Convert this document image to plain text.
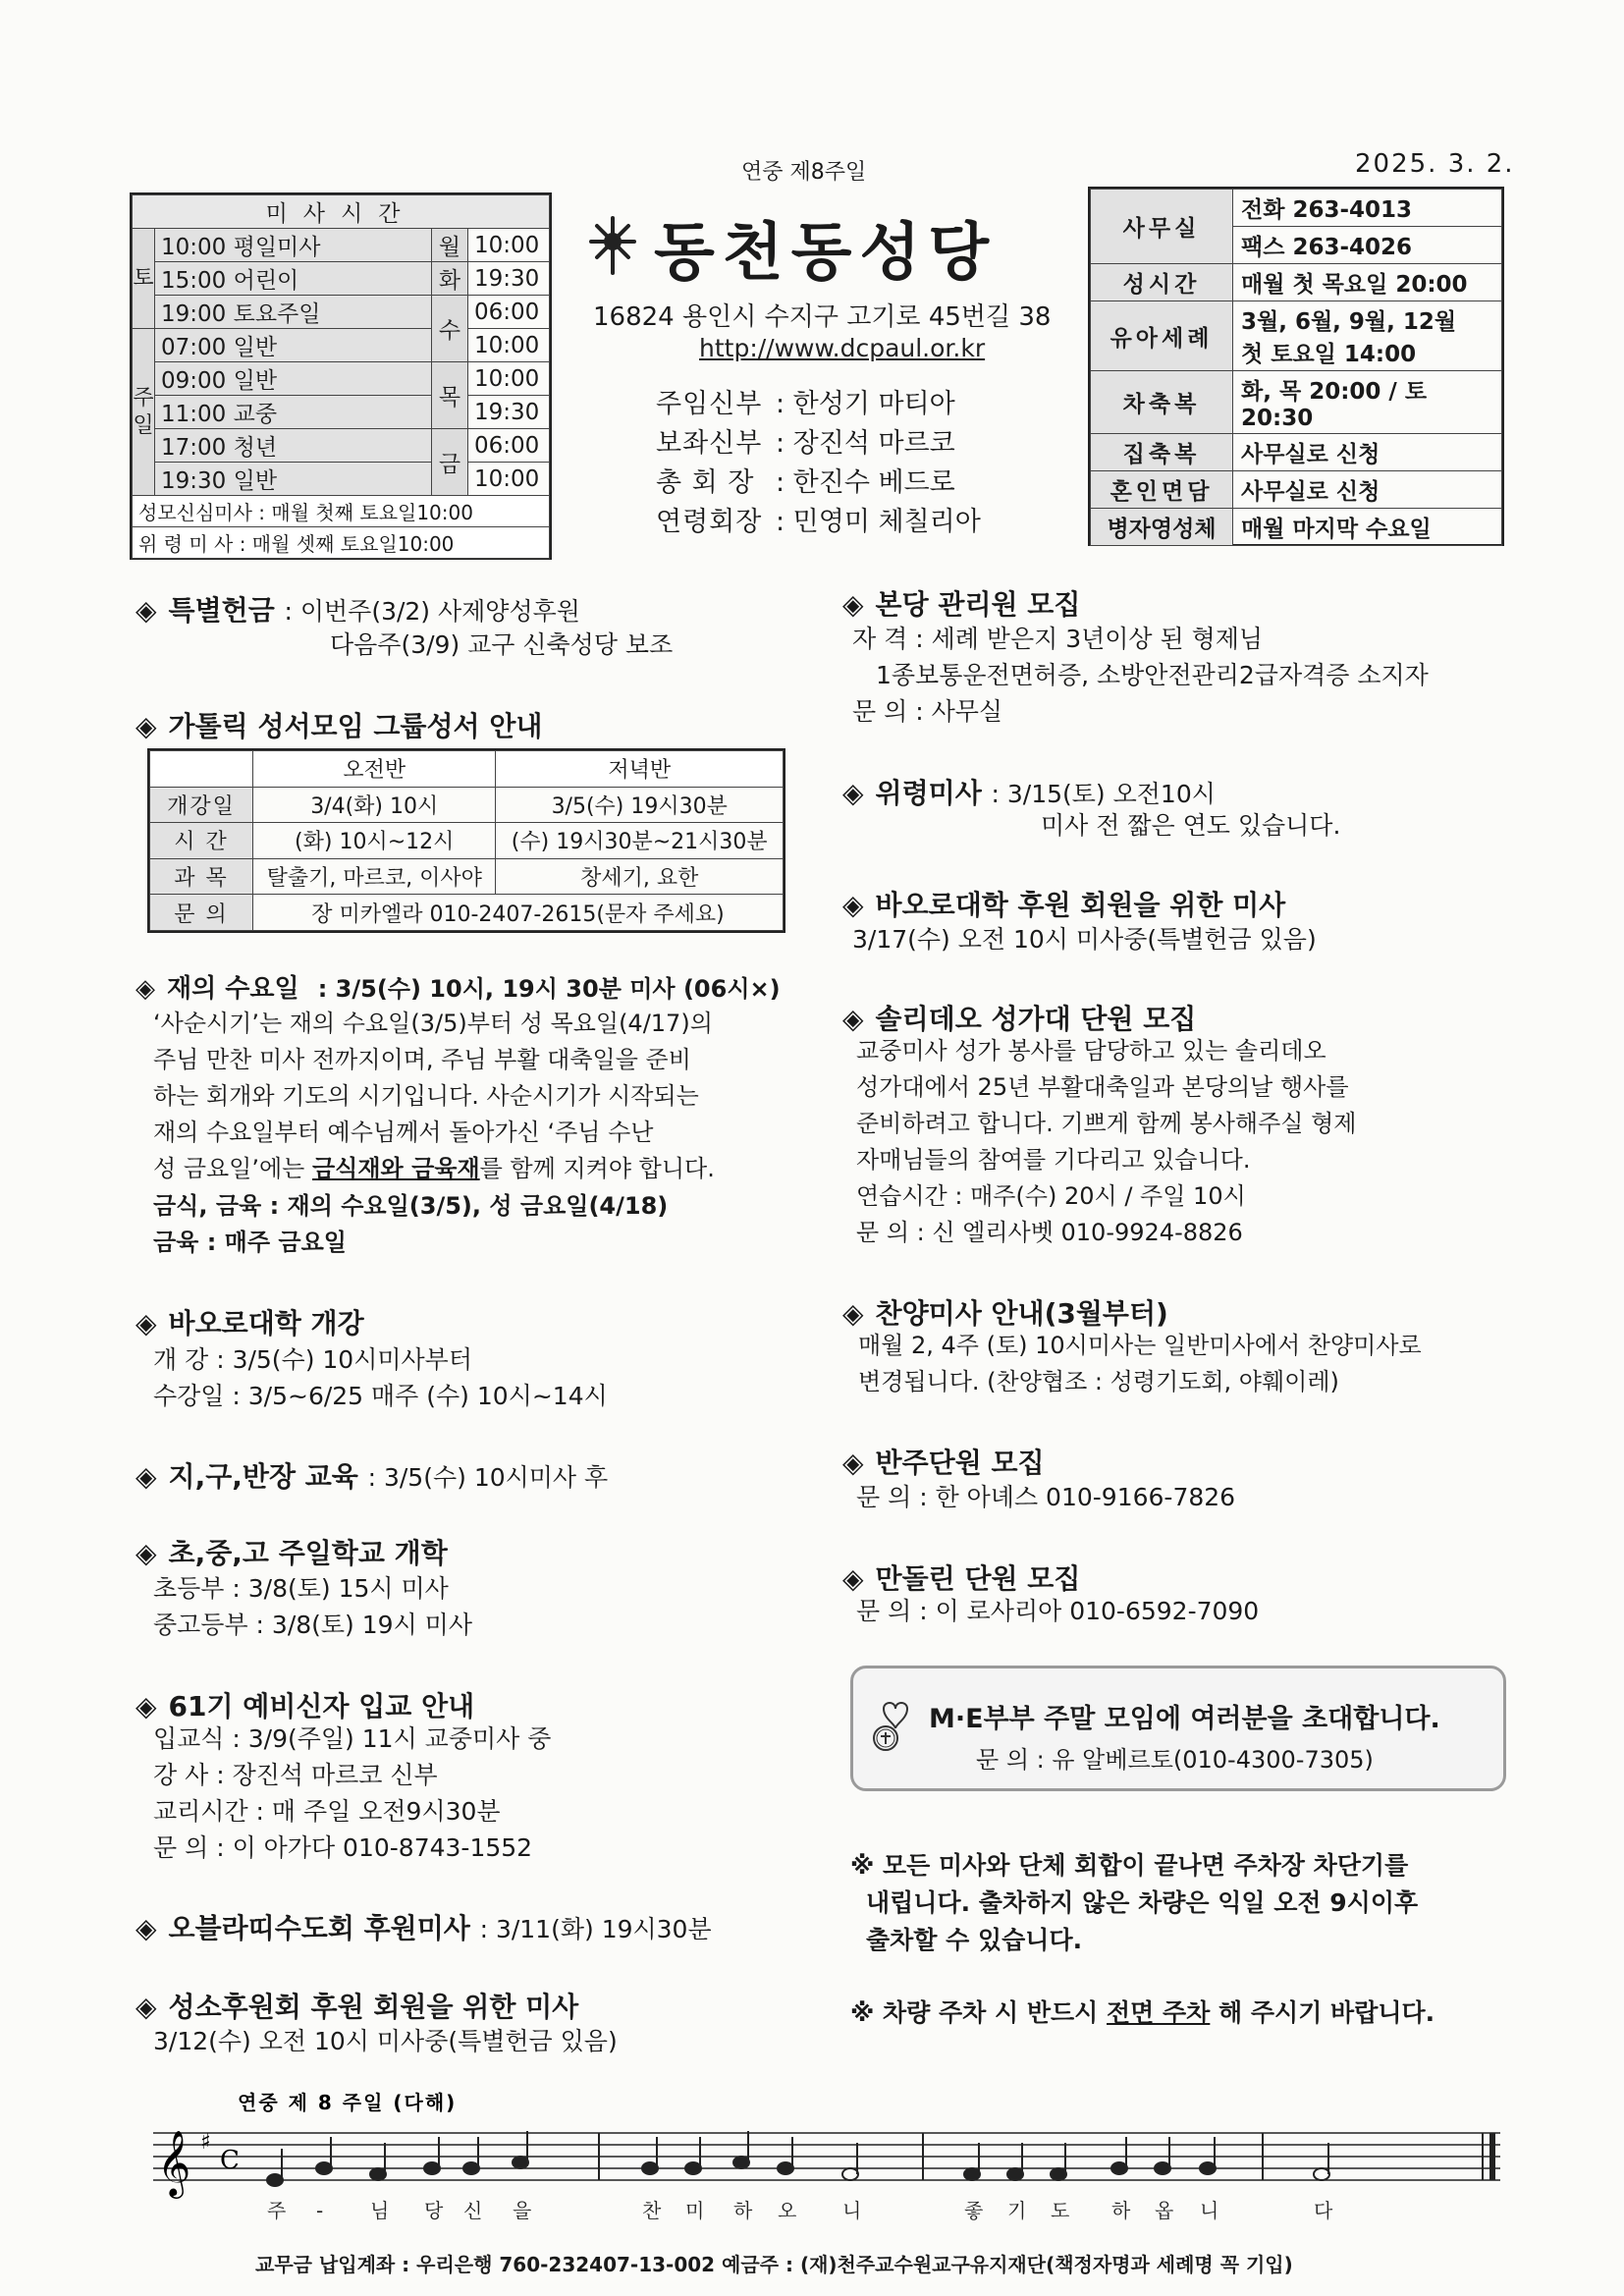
연중 제8주일	2025. 3. 2.
미사시간			
토	10:00 평일미사	월	10:00
	15:00 어린이	화	19:30
	19:00 토요주일	수	06:00
주일	07:00 일반		10:00
	09:00 일반	목	10:00
	11:00 교중		19:30
	17:00 청년	금	06:00
	19:30 일반		10:00
성모신심미사 : 매월 첫째 토요일10:00			
위 령 미 사 : 매월 셋째 토요일10:00			
동천동성당
16824 용인시 수지구 고기로 45번길 38
http://www.dcpaul.or.kr
주임신부 : 한성기 마티아
보좌신부 : 장진석 마르코
총 회 장 : 한진수 베드로
연령회장 : 민영미 체칠리아
사무실	전화 263-4013
	팩스 263-4026
성시간	매월 첫 목요일 20:00
유아세례	3월, 6월, 9월, 12월
첫 토요일 14:00

차축복	화, 목 20:00 / 토 20:30
집축복	사무실로 신청
혼인면담	사무실로 신청
병자영성체	매월 마지막 수요일
◈ 특별헌금 : 이번주(3/2) 사제양성후원
다음주(3/9) 교구 신축성당 보조
◈ 가톨릭 성서모임 그룹성서 안내
	오전반	저녁반
개강일	3/4(화) 10시	3/5(수) 19시30분
시 간	(화) 10시~12시	(수) 19시30분~21시30분
과 목	탈출기, 마르코, 이사야	창세기, 요한
문 의	장 미카엘라 010-2407-2615(문자 주세요)	
◈ 재의 수요일 : 3/5(수) 10시, 19시 30분 미사 (06시×)
‘사순시기’는 재의 수요일(3/5)부터 성 목요일(4/17)의
주님 만찬 미사 전까지이며, 주님 부활 대축일을 준비
하는 회개와 기도의 시기입니다. 사순시기가 시작되는
재의 수요일부터 예수님께서 돌아가신 ‘주님 수난
성 금요일’에는 금식재와 금육재를 함께 지켜야 합니다.
금식, 금육 : 재의 수요일(3/5), 성 금요일(4/18)
금육 : 매주 금요일
◈ 바오로대학 개강
개 강 : 3/5(수) 10시미사부터
수강일 : 3/5~6/25 매주 (수) 10시~14시
◈ 지,구,반장 교육 : 3/5(수) 10시미사 후
◈ 초,중,고 주일학교 개학
초등부 : 3/8(토) 15시 미사
중고등부 : 3/8(토) 19시 미사
◈ 61기 예비신자 입교 안내
입교식 : 3/9(주일) 11시 교중미사 중
강 사 : 장진석 마르코 신부
교리시간 : 매 주일 오전9시30분
문 의 : 이 아가다 010-8743-1552
◈ 오블라띠수도회 후원미사 : 3/11(화) 19시30분
◈ 성소후원회 후원 회원을 위한 미사
3/12(수) 오전 10시 미사중(특별헌금 있음)
◈ 본당 관리원 모집
자 격 : 세례 받은지 3년이상 된 형제님
1종보통운전면허증, 소방안전관리2급자격증 소지자
문 의 : 사무실
◈ 위령미사 : 3/15(토) 오전10시
미사 전 짧은 연도 있습니다.
◈ 바오로대학 후원 회원을 위한 미사
3/17(수) 오전 10시 미사중(특별헌금 있음)
◈ 솔리데오 성가대 단원 모집
교중미사 성가 봉사를 담당하고 있는 솔리데오
성가대에서 25년 부활대축일과 본당의날 행사를
준비하려고 합니다. 기쁘게 함께 봉사해주실 형제
자매님들의 참여를 기다리고 있습니다.
연습시간 : 매주(수) 20시 / 주일 10시
문 의 : 신 엘리사벳 010-9924-8826
◈ 찬양미사 안내(3월부터)
매월 2, 4주 (토) 10시미사는 일반미사에서 찬양미사로
변경됩니다. (찬양협조 : 성령기도회, 야훼이레)
◈ 반주단원 모집
문 의 : 한 아녜스 010-9166-7826
◈ 만돌린 단원 모집
문 의 : 이 로사리아 010-6592-7090
M·E부부 주말 모임에 여러분을 초대합니다.
문 의 : 유 알베르토(010-4300-7305)
※ 모든 미사와 단체 회합이 끝나면 주차장 차단기를
내립니다. 출차하지 않은 차량은 익일 오전 9시이후
출차할 수 있습니다.
※ 차량 주차 시 반드시 전면 주차 해 주시기 바랍니다.
연중 제 8 주일 (다해)
𝄞 ♯
C
주 - 님 당 신 을	찬 미 하 오 니	좋 기 도 하 옵 니	다
교무금 납입계좌 : 우리은행 760-232407-13-002 예금주 : (재)천주교수원교구유지재단(책정자명과 세례명 꼭 기입)
